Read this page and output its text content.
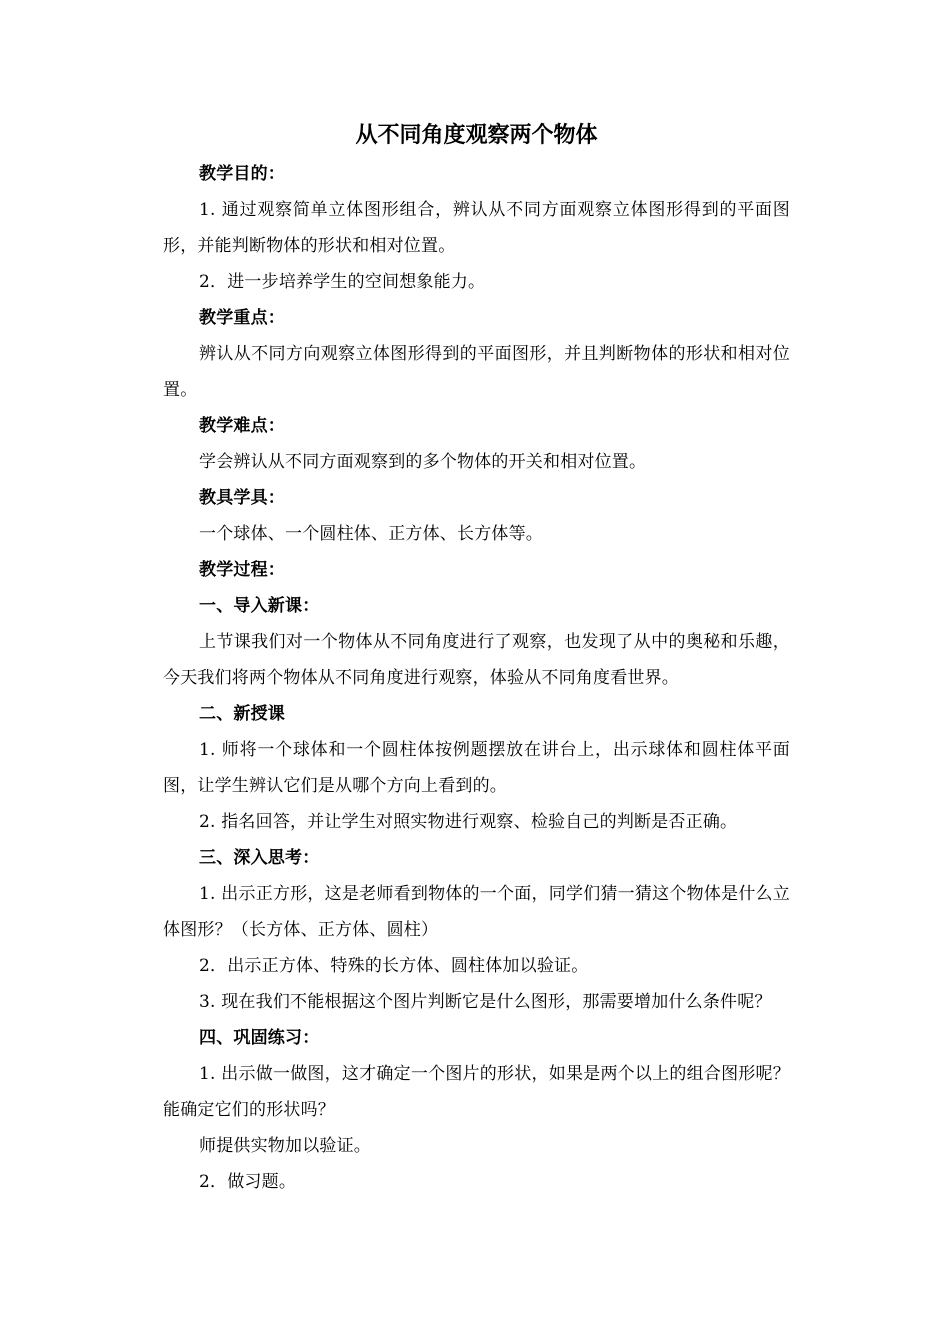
从不同角度观察两个物体

教学目的：

1. 通过观察简单立体图形组合，辨认从不同方面观察立体图形得到的平面图形，并能判断物体的形状和相对位置。

2．进一步培养学生的空间想象能力。

教学重点：

辨认从不同方向观察立体图形得到的平面图形，并且判断物体的形状和相对位置。

教学难点：

学会辨认从不同方面观察到的多个物体的开关和相对位置。

教具学具：

一个球体、一个圆柱体、正方体、长方体等。

教学过程：

一、导入新课：

上节课我们对一个物体从不同角度进行了观察，也发现了从中的奥秘和乐趣，今天我们将两个物体从不同角度进行观察，体验从不同角度看世界。

二、新授课

1. 师将一个球体和一个圆柱体按例题摆放在讲台上，出示球体和圆柱体平面图，让学生辨认它们是从哪个方向上看到的。

2. 指名回答，并让学生对照实物进行观察、检验自己的判断是否正确。

三、深入思考：

1. 出示正方形，这是老师看到物体的一个面，同学们猜一猜这个物体是什么立体图形？（长方体、正方体、圆柱）

2．出示正方体、特殊的长方体、圆柱体加以验证。

3. 现在我们不能根据这个图片判断它是什么图形，那需要增加什么条件呢？

四、巩固练习：

1. 出示做一做图，这才确定一个图片的形状，如果是两个以上的组合图形呢？能确定它们的形状吗？

师提供实物加以验证。

2．做习题。
